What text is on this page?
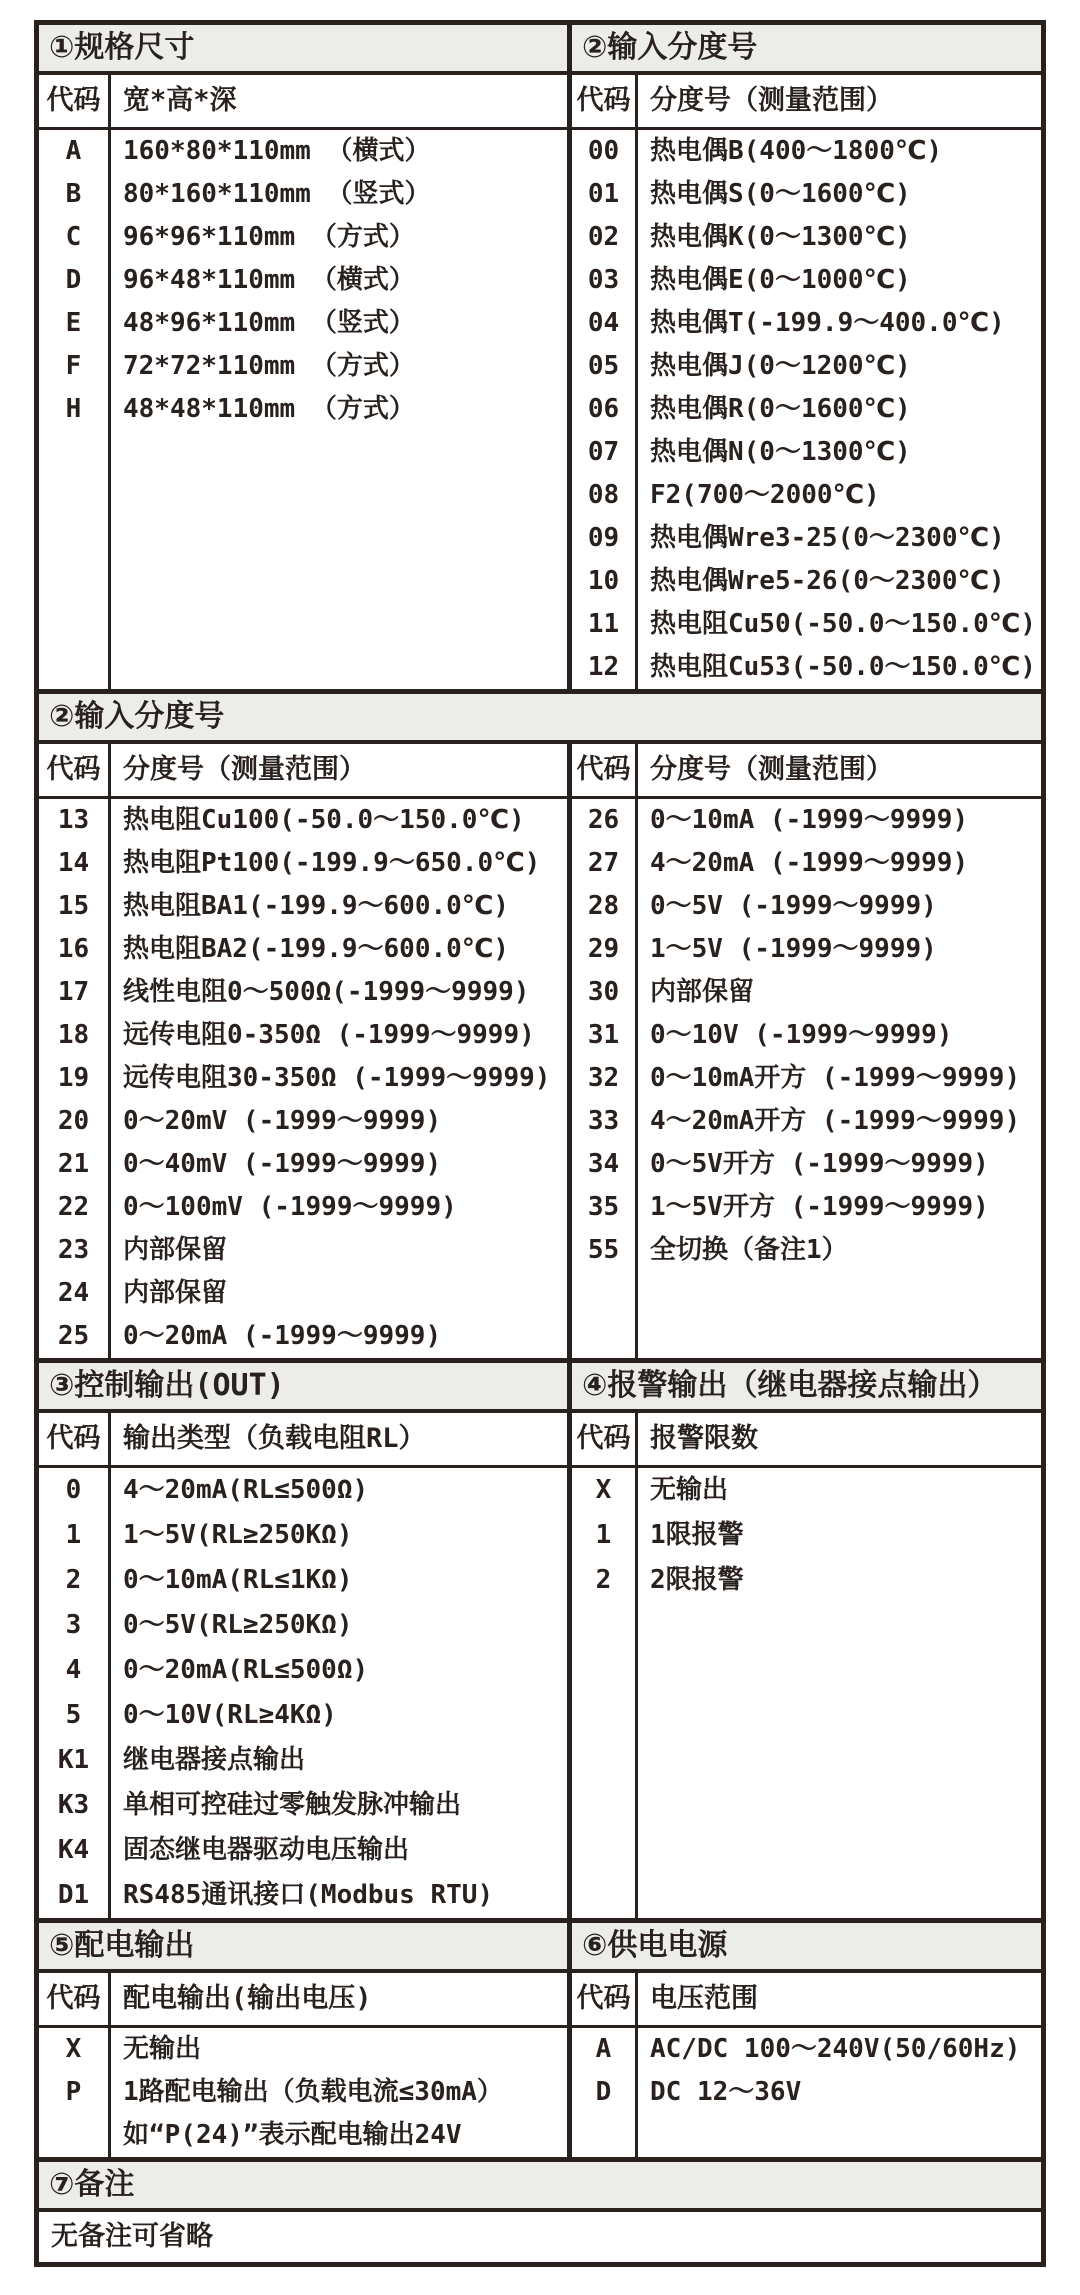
①规格尺寸
代码 宽*高*深
A	160*80*110mm （横式）
B	80*160*110mm （竖式）
C	96*96*110mm （方式）
D	96*48*110mm （横式）
E	48*96*110mm （竖式）
F	72*72*110mm （方式）
H	48*48*110mm （方式）
②输入分度号
代码 分度号（测量范围）
00	热电偶B(400～1800℃)
01	热电偶S(0～1600℃)
02	热电偶K(0～1300℃)
03	热电偶E(0～1000℃)
04	热电偶T(-199.9～400.0℃)
05	热电偶J(0～1200℃)
06	热电偶R(0～1600℃)
07	热电偶N(0～1300℃)
08	F2(700～2000℃)
09	热电偶Wre3-25(0～2300℃)
10	热电偶Wre5-26(0～2300℃)
11	热电阻Cu50(-50.0～150.0℃)
12	热电阻Cu53(-50.0～150.0℃)
②输入分度号
代码 分度号（测量范围）
13	热电阻Cu100(-50.0～150.0℃)
14	热电阻Pt100(-199.9～650.0℃)
15	热电阻BA1(-199.9～600.0℃)
16	热电阻BA2(-199.9～600.0℃)
17	线性电阻0～500Ω(-1999～9999)
18	远传电阻0-350Ω (-1999～9999)
19	远传电阻30-350Ω (-1999～9999)
20	0～20mV (-1999～9999)
21	0～40mV (-1999～9999)
22	0～100mV (-1999～9999)
23	内部保留
24	内部保留
25	0～20mA (-1999～9999)
代码 分度号（测量范围）
26	0～10mA (-1999～9999)
27	4～20mA (-1999～9999)
28	0～5V (-1999～9999)
29	1～5V (-1999～9999)
30	内部保留
31	0～10V (-1999～9999)
32	0～10mA开方 (-1999～9999)
33	4～20mA开方 (-1999～9999)
34	0～5V开方 (-1999～9999)
35	1～5V开方 (-1999～9999)
55	全切换（备注1）
③控制输出(OUT)
代码 输出类型（负载电阻RL）
0	4～20mA(RL≤500Ω)
1	1～5V(RL≥250KΩ)
2	0～10mA(RL≤1KΩ)
3	0～5V(RL≥250KΩ)
4	0～20mA(RL≤500Ω)
5	0～10V(RL≥4KΩ)
K1	继电器接点输出
K3	单相可控硅过零触发脉冲输出
K4	固态继电器驱动电压输出
D1	RS485通讯接口(Modbus RTU)
④报警输出（继电器接点输出）
代码 报警限数
X	无输出
1	1限报警
2	2限报警
⑤配电输出
代码 配电输出(输出电压)
X	无输出
P	1路配电输出（负载电流≤30mA）
如“P(24)”表示配电输出24V
⑥供电电源
代码 电压范围
A	AC/DC 100～240V(50/60Hz)
D	DC 12～36V
⑦备注
无备注可省略
